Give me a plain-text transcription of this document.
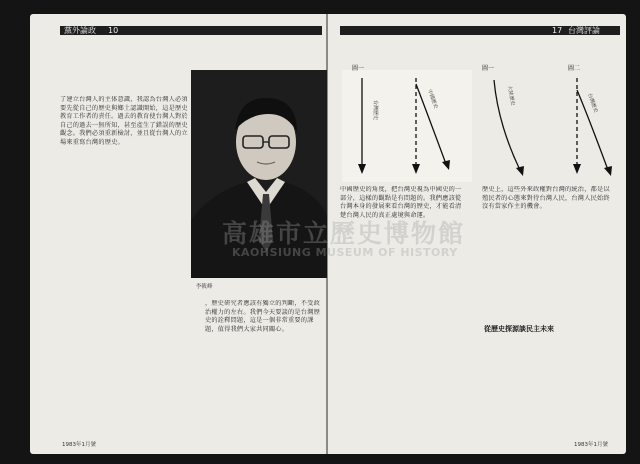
黨外論政 10
了建立台灣人的主体意識，我認為台灣人必須要先從自己的歷史與鄉土認識開始，這是歷史教育工作者的責任。過去的教育使台灣人對於自己的過去一無所知，甚至產生了錯誤的歷史觀念。我們必須重新檢討，並且從台灣人的立場來重寫台灣的歷史。
，歷史研究者應該有獨立的判斷，不受政治權力的左右。我們今天要談的是台灣歷史的詮釋問題，這是一個非常重要的課題，值得我們大家共同關心。
李筱峰
1983年1月號
17 台灣評論
圖一
台灣歷史
中國歷史
圖一	圖二
大陸歷史	台灣歷史
中國歷史的角度，把台灣史視為中國史的一部分，這樣的觀點是有問題的。我們應該從台灣本身的發展來看台灣的歷史，才能看清楚台灣人民的真正處境與命運。
歷史上，這些外來政權對台灣的統治，都是以殖民者的心態來對待台灣人民，台灣人民始終沒有當家作主的機會。
從歷史探源談民主未來
1983年1月號
高雄市立歷史博物館
KAOHSIUNG MUSEUM OF HISTORY
